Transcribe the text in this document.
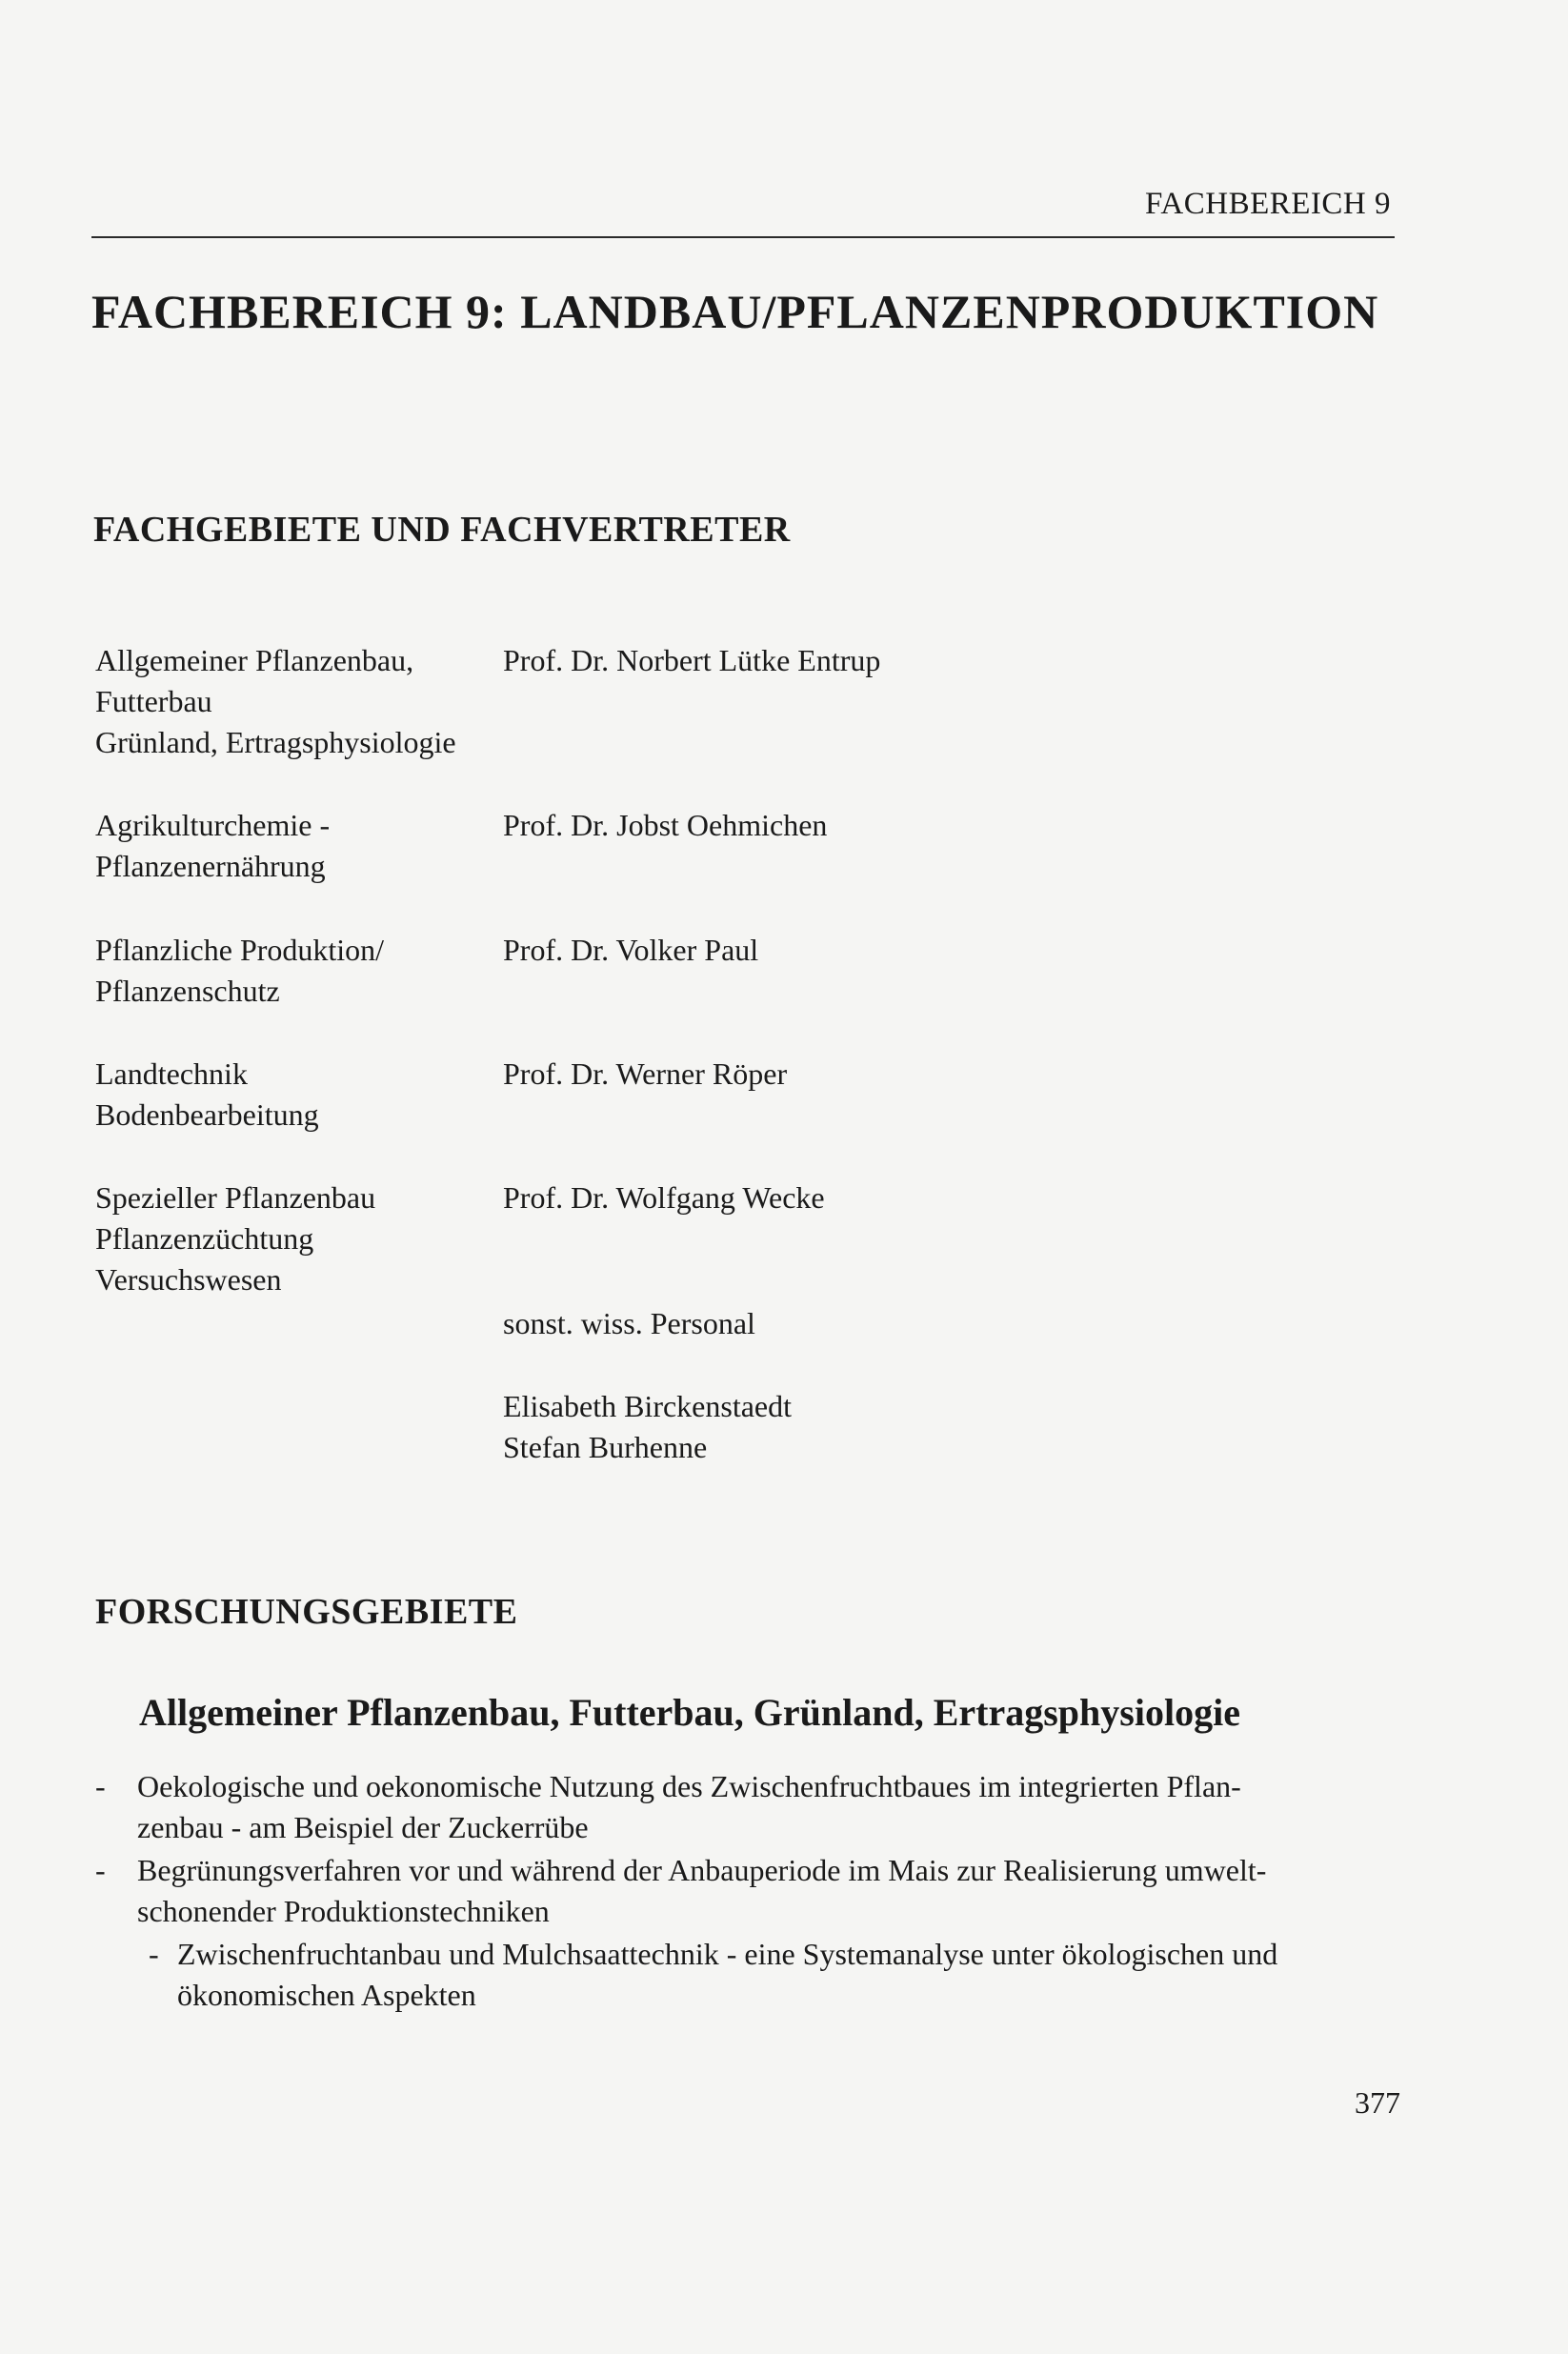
FACHBEREICH 9
FACHBEREICH 9: LANDBAU/PFLANZENPRODUKTION
FACHGEBIETE UND FACHVERTRETER
Allgemeiner Pflanzenbau,
Futterbau
Grünland, Ertragsphysiologie
Prof. Dr. Norbert Lütke Entrup
Agrikulturchemie -
Pflanzenernährung
Prof. Dr. Jobst Oehmichen
Pflanzliche Produktion/
Pflanzenschutz
Prof. Dr. Volker Paul
Landtechnik
Bodenbearbeitung
Prof. Dr. Werner Röper
Spezieller Pflanzenbau
Pflanzenzüchtung
Versuchswesen
Prof. Dr. Wolfgang Wecke
sonst. wiss. Personal
Elisabeth Birckenstaedt
Stefan Burhenne
FORSCHUNGSGEBIETE
Allgemeiner Pflanzenbau, Futterbau, Grünland, Ertragsphysiologie
- Oekologische und oekonomische Nutzung des Zwischenfruchtbaues im integrierten Pflan-
zenbau - am Beispiel der Zuckerrübe
- Begrünungsverfahren vor und während der Anbauperiode im Mais zur Realisierung umwelt-
schonender Produktionstechniken
- Zwischenfruchtanbau und Mulchsaattechnik - eine Systemanalyse unter ökologischen und
ökonomischen Aspekten
377
